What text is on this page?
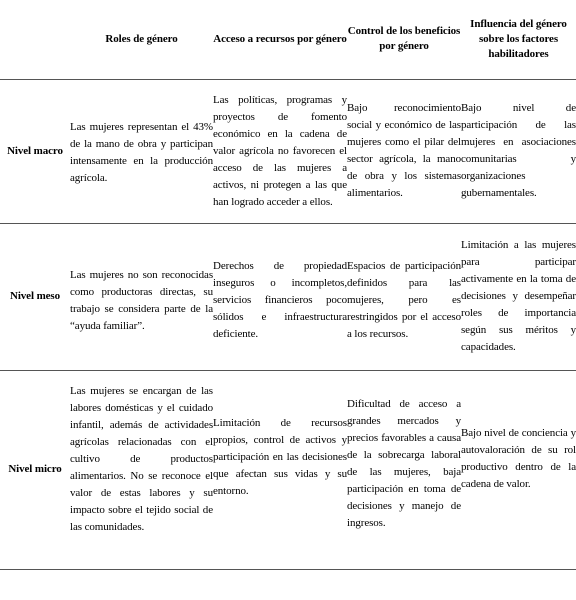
	Roles de género	Acceso a recursos por género	Control de los beneficios por género	Influencia del género sobre los factores habilitadores
Nivel macro	Las mujeres representan el 43% de la mano de obra y participan intensamente en la producción agrícola.	Las políticas, programas y proyectos de fomento económico en la cadena de valor agrícola no favorecen el acceso de las mujeres a activos, ni protegen a las que han logrado acceder a ellos.	Bajo reconocimiento social y económico de las mujeres como el pilar del sector agrícola, la mano de obra y los sistemas alimentarios.	Bajo nivel de participación de las mujeres en asociaciones comunitarias y organizaciones gubernamentales.

Nivel meso	Las mujeres no son reconocidas como productoras directas, su trabajo se considera parte de la “ayuda familiar”.	Derechos de propiedad inseguros o incompletos, servicios financieros poco sólidos e infraestructura deficiente.	Espacios de participación definidos para las mujeres, pero es restringidos por el acceso a los recursos.	Limitación a las mujeres para participar activamente en la toma de decisiones y desempeñar roles de importancia según sus méritos y capacidades.

Nivel micro	Las mujeres se encargan de las labores domésticas y el cuidado infantil, además de actividades agrícolas relacionadas con el cultivo de productos alimentarios. No se reconoce el valor de estas labores y su impacto sobre el tejido social de las comunidades.	Limitación de recursos propios, control de activos y participación en las decisiones que afectan sus vidas y su entorno.	Dificultad de acceso a grandes mercados y precios favorables a causa de la sobrecarga laboral de las mujeres, baja participación en toma de decisiones y manejo de ingresos.	Bajo nivel de conciencia y autovaloración de su rol productivo dentro de la cadena de valor.
